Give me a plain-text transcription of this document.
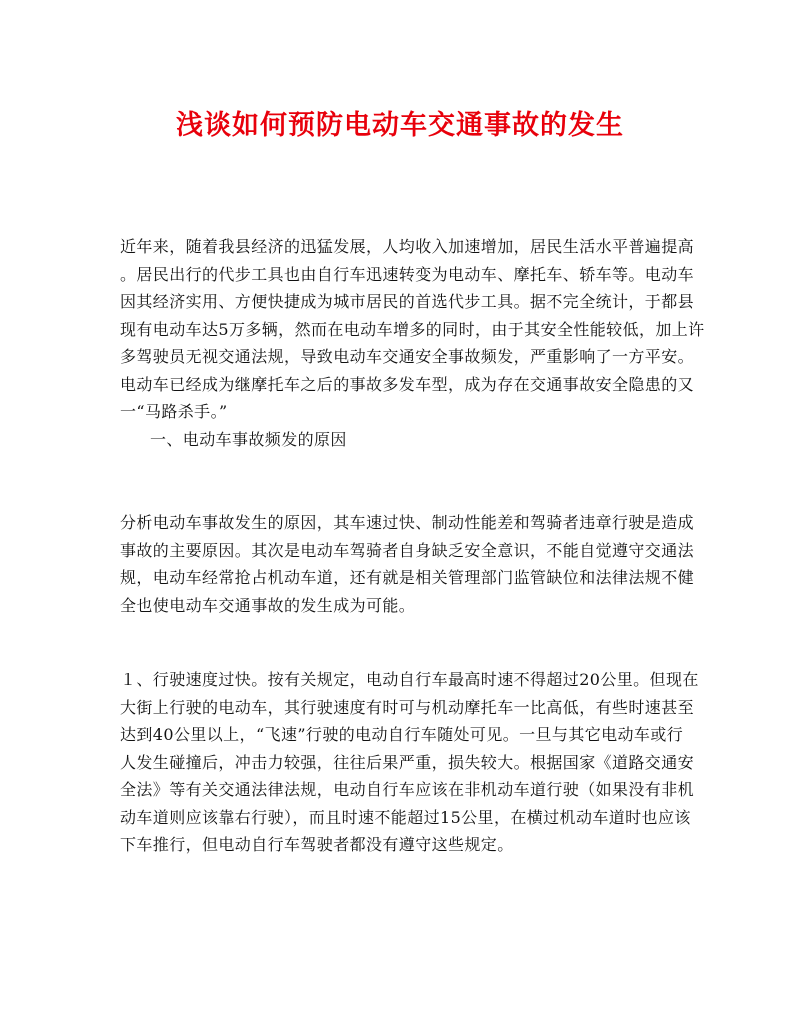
浅谈如何预防电动车交通事故的发生
近年来，随着我县经济的迅猛发展，人均收入加速增加，居民生活水平普遍提高
。居民出行的代步工具也由自行车迅速转变为电动车、摩托车、轿车等。电动车
因其经济实用、方便快捷成为城市居民的首选代步工具。据不完全统计，于都县
现有电动车达5万多辆，然而在电动车增多的同时，由于其安全性能较低，加上许
多驾驶员无视交通法规，导致电动车交通安全事故频发，严重影响了一方平安。
电动车已经成为继摩托车之后的事故多发车型，成为存在交通事故安全隐患的又
一“马路杀手。”
一、电动车事故频发的原因
分析电动车事故发生的原因，其车速过快、制动性能差和驾骑者违章行驶是造成
事故的主要原因。其次是电动车驾骑者自身缺乏安全意识，不能自觉遵守交通法
规，电动车经常抢占机动车道，还有就是相关管理部门监管缺位和法律法规不健
全也使电动车交通事故的发生成为可能。
１、行驶速度过快。按有关规定，电动自行车最高时速不得超过20公里。但现在
大街上行驶的电动车，其行驶速度有时可与机动摩托车一比高低，有些时速甚至
达到40公里以上，“飞速”行驶的电动自行车随处可见。一旦与其它电动车或行
人发生碰撞后，冲击力较强，往往后果严重，损失较大。根据国家《道路交通安
全法》等有关交通法律法规，电动自行车应该在非机动车道行驶（如果没有非机
动车道则应该靠右行驶），而且时速不能超过15公里，在横过机动车道时也应该
下车推行，但电动自行车驾驶者都没有遵守这些规定。
